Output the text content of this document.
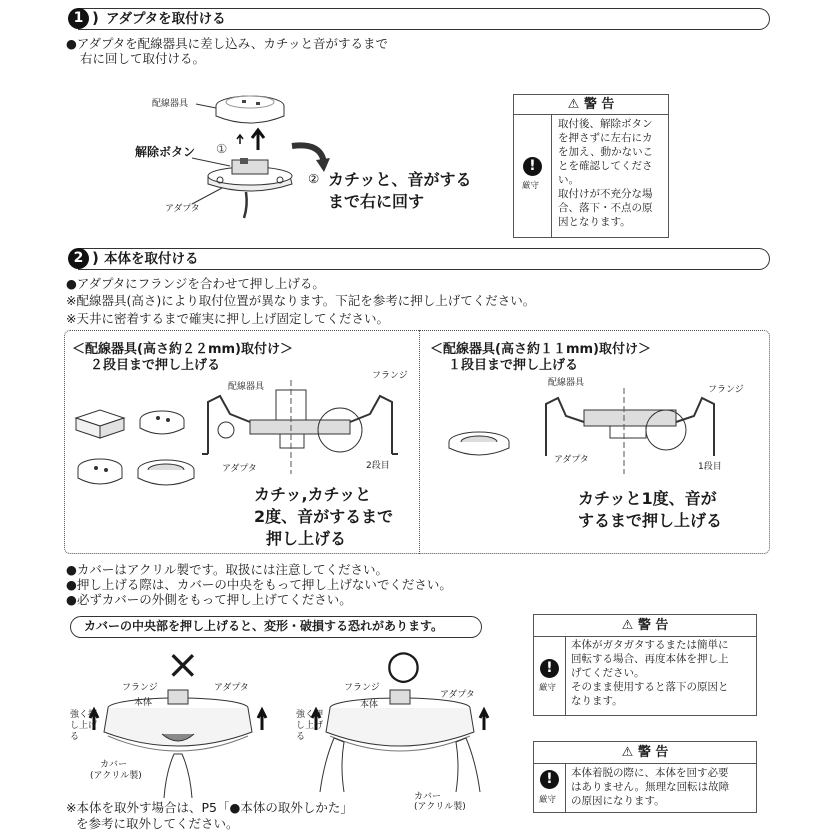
1	アダプタを取付ける
)
●アダプタを配線器具に差し込み、カチッと音がするまで
右に回して取付ける。
配線器具
解除ボタン ①
②
アダプタ
カチッと、音がする
まで右に回す
⚠ 警 告
!
厳守
取付後、解除ボタン
を押さずに左右にカ
を加え、動かないこ
とを確認してくださ
い。
取付けが不充分な場
合、落下・不点の原
因となります。
2 ) 本体を取付ける
●アダプタにフランジを合わせて押し上げる。
※配線器具(高さ)により取付位置が異なります。下記を参考に押し上げてください。
※天井に密着するまで確実に押し上げ固定してください。
＜配線器具(高さ約２２mm)取付け＞
２段目まで押し上げる
配線器具
フランジ
アダプタ	2段目
カチッ,カチッと
2度、音がするまで
押し上げる
＜配線器具(高さ約１１mm)取付け＞
１段目まで押し上げる
配線器具
フランジ
アダプタ
1段目
カチッと1度、音が
するまで押し上げる
●カバーはアクリル製です。取扱には注意してください。
●押し上げる際は、カバーの中央をもって押し上げないでください。
●必ずカバーの外側をもって押し上げてください。
カバーの中央部を押し上げると、変形・破損する恐れがあります。
×
フランジ	アダプタ
本体
強く押し上げる
カバー
(アクリル製)
○
フランジ
アダプタ
本体
強く押し上げる
カバー
(アクリル製)
※本体を取外す場合は、P5「●本体の取外しかた」
を参考に取外してください。
⚠ 警 告
!
厳守
本体がガタガタするまたは簡単に
回転する場合、再度本体を押し上
げてください。
そのまま使用すると落下の原因と
なります。
⚠ 警 告
!
厳守
本体着脱の際に、本体を回す必要
はありません。無理な回転は故障
の原因になります。
